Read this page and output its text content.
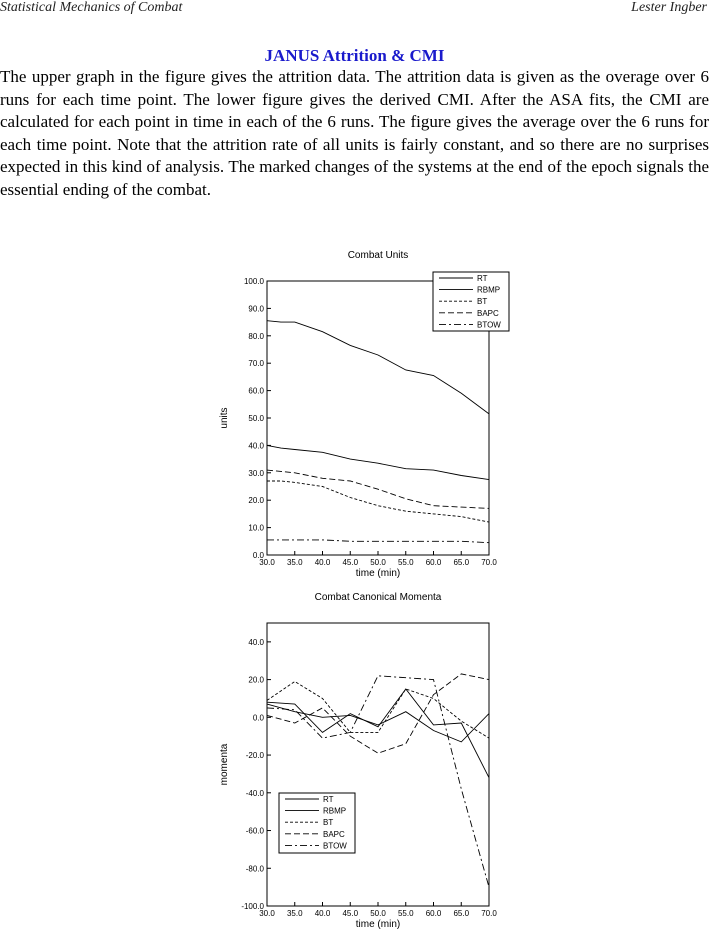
Statistical Mechanics of Combat	Lester Ingber
JANUS Attrition & CMI

The upper graph in the figure gives the attrition data. The attrition data is given as the overage over 6 runs for each time point. The lower figure gives the derived CMI. After the ASA fits, the CMI are calculated for each point in time in each of the 6 runs. The figure gives the average over the 6 runs for each time point. Note that the attrition rate of all units is fairly constant, and so there are no surprises expected in this kind of analysis. The marked changes of the systems at the end of the epoch signals the essential ending of the combat.

Combat Units
30.0 35.0 40.0 45.0 50.0 55.0 60.0 65.0 70.0
0.0
10.0
20.0
30.0
40.0
50.0
60.0
70.0
80.0
90.0
100.0
time (min)
units
RT
RBMP
BT
BAPC
BTOW
Combat Canonical Momenta
30.0 35.0 40.0 45.0 50.0 55.0 60.0 65.0 70.0
-100.0
-80.0
-60.0
-40.0
-20.0
0.0
20.0
40.0
time (min)
momenta
RT
RBMP
BT
BAPC
BTOW
